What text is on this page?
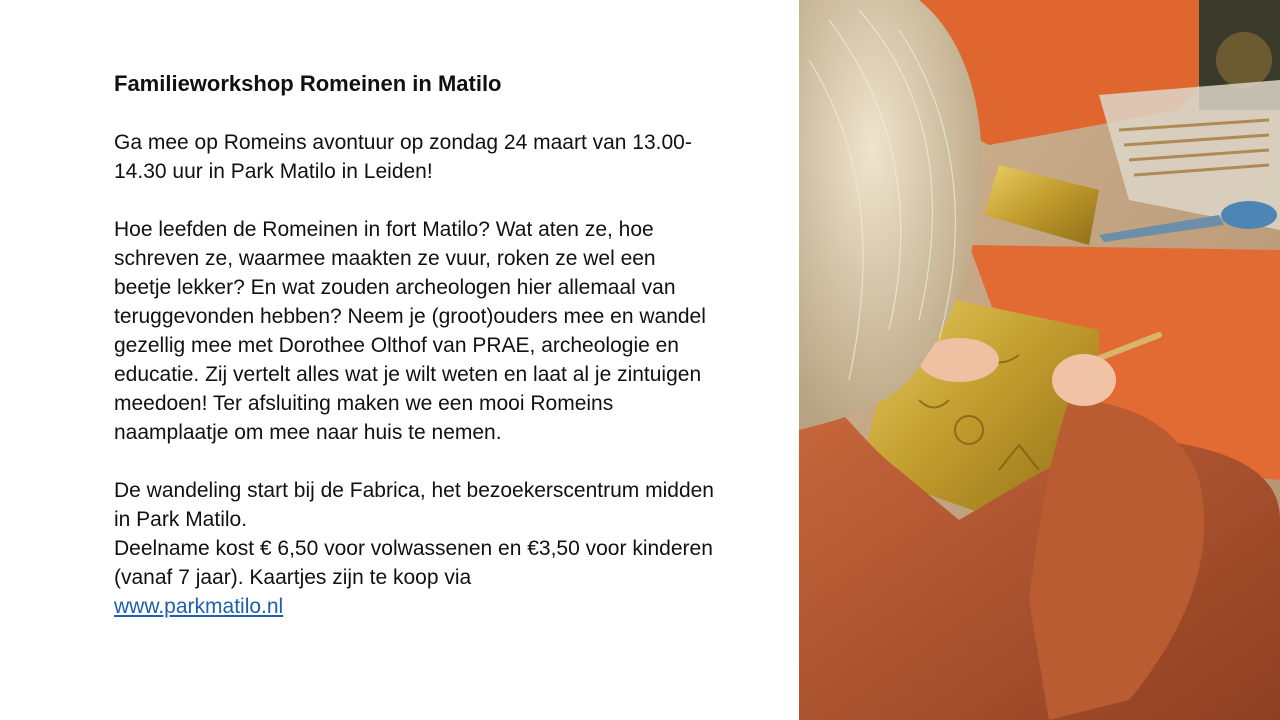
Familieworkshop Romeinen in Matilo

Ga mee op Romeins avontuur op zondag 24 maart van 13.00-14.30 uur in Park Matilo in Leiden!

Hoe leefden de Romeinen in fort Matilo? Wat aten ze, hoe schreven ze, waarmee maakten ze vuur, roken ze wel een beetje lekker? En wat zouden archeologen hier allemaal van teruggevonden hebben? Neem je (groot)ouders mee en wandel gezellig mee met Dorothee Olthof van PRAE, archeologie en educatie. Zij vertelt alles wat je wilt weten en laat al je zintuigen meedoen! Ter afsluiting maken we een mooi Romeins naamplaatje om mee naar huis te nemen.

De wandeling start bij de Fabrica, het bezoekerscentrum midden in Park Matilo.

Deelname kost € 6,50 voor volwassenen en €3,50 voor kinderen (vanaf 7 jaar). Kaartjes zijn te koop via
www.parkmatilo.nl
